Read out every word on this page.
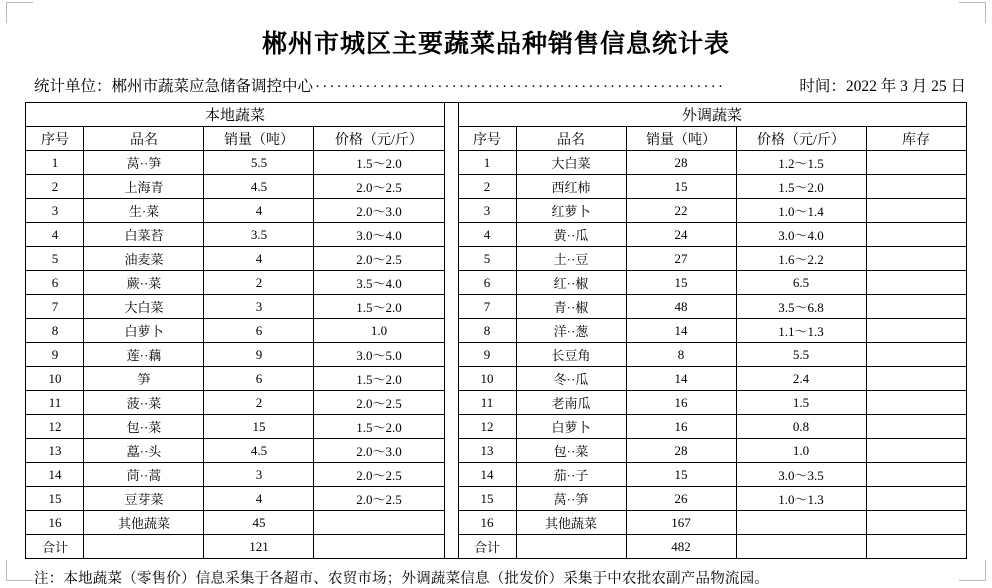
郴州市城区主要蔬菜品种销售信息统计表
统计单位：郴州市蔬菜应急储备调控中心 ·························································	时间：2022 年 3 月 25 日
本地蔬菜					外调蔬菜				
序号	品名	销量（吨）	价格（元/斤）		序号	品名	销量（吨）	价格（元/斤）	库存
1	莴··笋	5.5	1.5～2.0		1	大白菜	28	1.2～1.5	
2	上海青	4.5	2.0～2.5		2	西红柿	15	1.5～2.0	
3	生·菜	4	2.0～3.0		3	红萝卜	22	1.0～1.4	
4	白菜苔	3.5	3.0～4.0		4	黄··瓜	24	3.0～4.0	
5	油麦菜	4	2.0～2.5		5	土··豆	27	1.6～2.2	
6	蕨··菜	2	3.5～4.0		6	红··椒	15	6.5	
7	大白菜	3	1.5～2.0		7	青··椒	48	3.5～6.8	
8	白萝卜	6	1.0		8	洋··葱	14	1.1～1.3	
9	莲··藕	9	3.0～5.0		9	长豆角	8	5.5	
10	笋	6	1.5～2.0		10	冬··瓜	14	2.4	
11	菠··菜	2	2.0～2.5		11	老南瓜	16	1.5	
12	包··菜	15	1.5～2.0		12	白萝卜	16	0.8	
13	藠··头	4.5	2.0～3.0		13	包··菜	28	1.0	
14	茼··蒿	3	2.0～2.5		14	茄··子	15	3.0～3.5	
15	豆芽菜	4	2.0～2.5		15	莴··笋	26	1.0～1.3	
16	其他蔬菜	45			16	其他蔬菜	167		
合计		121			合计		482		
注：本地蔬菜（零售价）信息采集于各超市、农贸市场；外调蔬菜信息（批发价）采集于中农批农副产品物流园。
